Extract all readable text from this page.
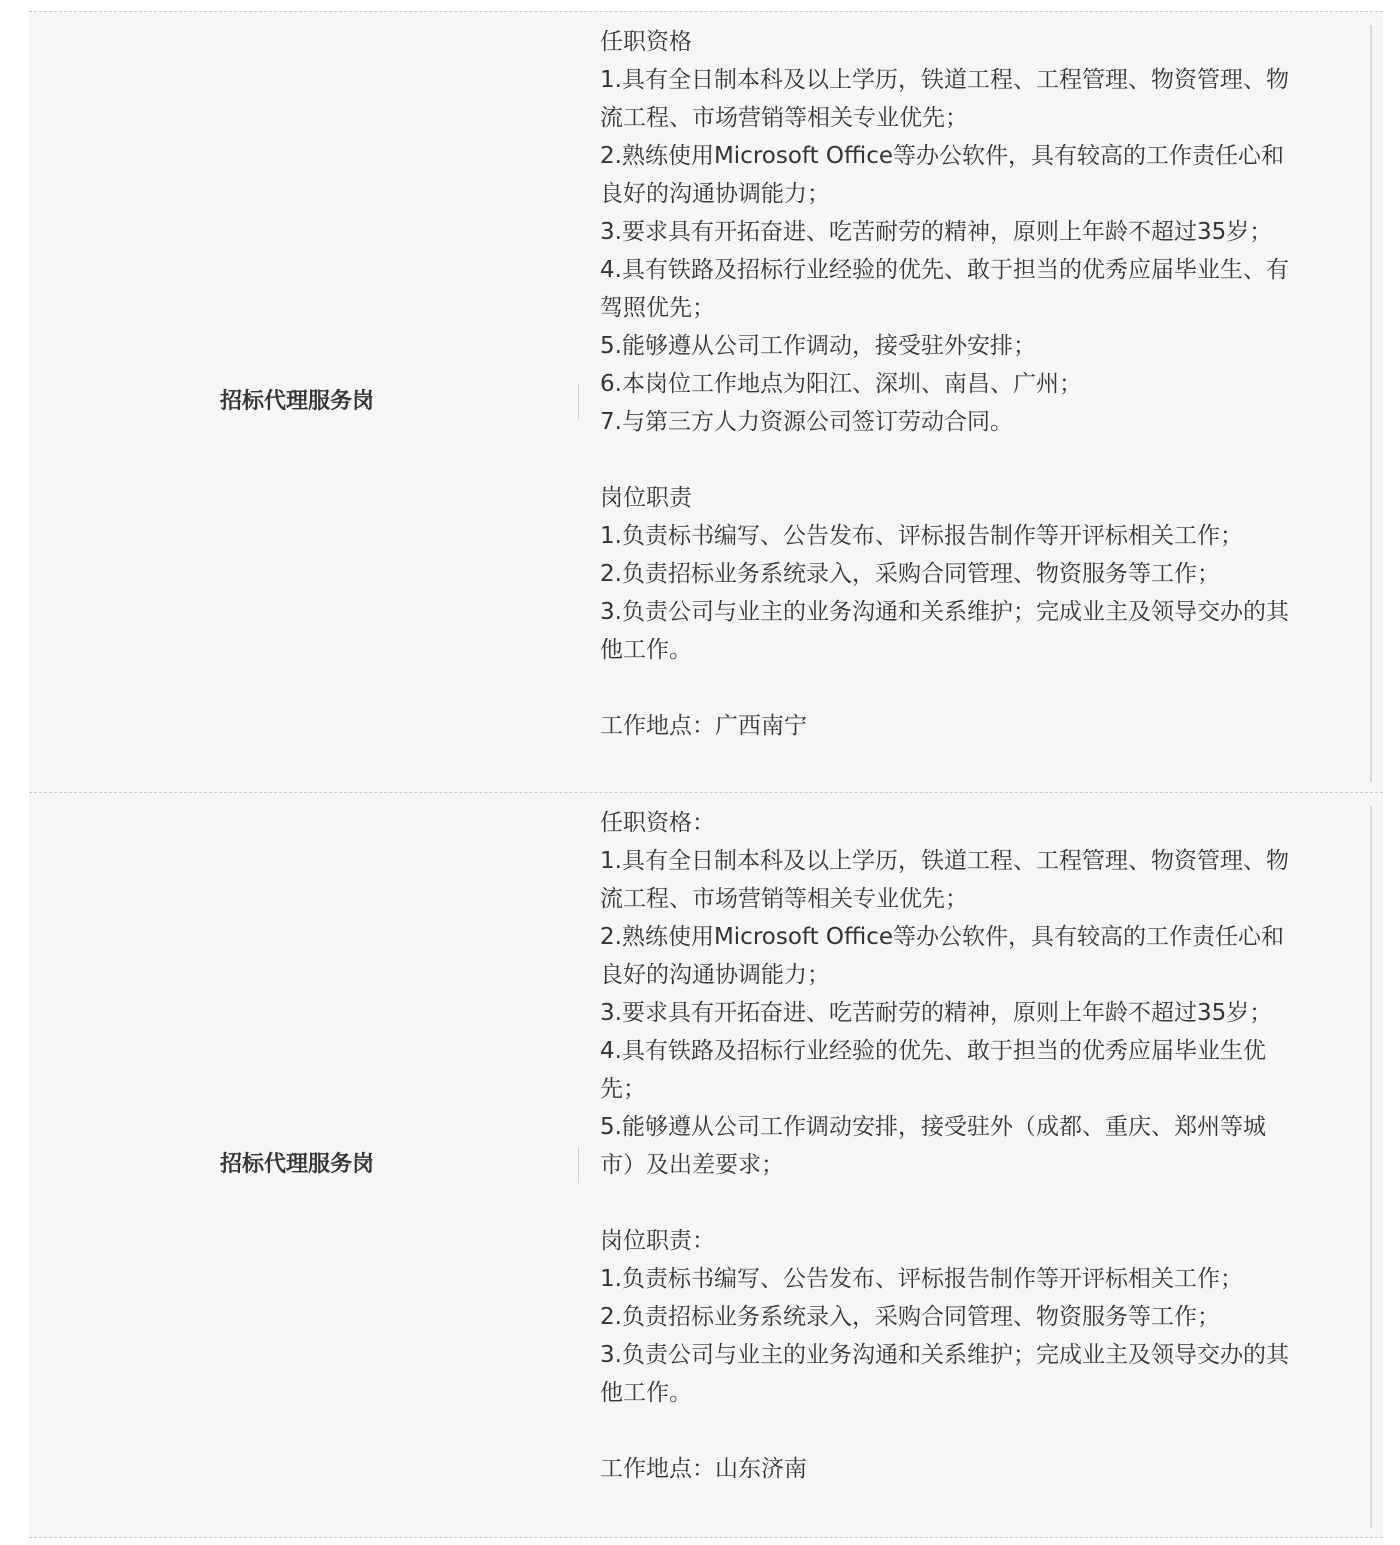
招标代理服务岗
任职资格
1.具有全日制本科及以上学历，铁道工程、工程管理、物资管理、物
流工程、市场营销等相关专业优先；
2.熟练使用Microsoft Office等办公软件，具有较高的工作责任心和
良好的沟通协调能力；
3.要求具有开拓奋进、吃苦耐劳的精神，原则上年龄不超过35岁；
4.具有铁路及招标行业经验的优先、敢于担当的优秀应届毕业生、有
驾照优先；
5.能够遵从公司工作调动，接受驻外安排；
6.本岗位工作地点为阳江、深圳、南昌、广州；
7.与第三方人力资源公司签订劳动合同。
岗位职责
1.负责标书编写、公告发布、评标报告制作等开评标相关工作；
2.负责招标业务系统录入，采购合同管理、物资服务等工作；
3.负责公司与业主的业务沟通和关系维护；完成业主及领导交办的其
他工作。
工作地点：广西南宁
招标代理服务岗
任职资格：
1.具有全日制本科及以上学历，铁道工程、工程管理、物资管理、物
流工程、市场营销等相关专业优先；
2.熟练使用Microsoft Office等办公软件，具有较高的工作责任心和
良好的沟通协调能力；
3.要求具有开拓奋进、吃苦耐劳的精神，原则上年龄不超过35岁；
4.具有铁路及招标行业经验的优先、敢于担当的优秀应届毕业生优
先；
5.能够遵从公司工作调动安排，接受驻外（成都、重庆、郑州等城
市）及出差要求；
岗位职责：
1.负责标书编写、公告发布、评标报告制作等开评标相关工作；
2.负责招标业务系统录入，采购合同管理、物资服务等工作；
3.负责公司与业主的业务沟通和关系维护；完成业主及领导交办的其
他工作。
工作地点：山东济南
